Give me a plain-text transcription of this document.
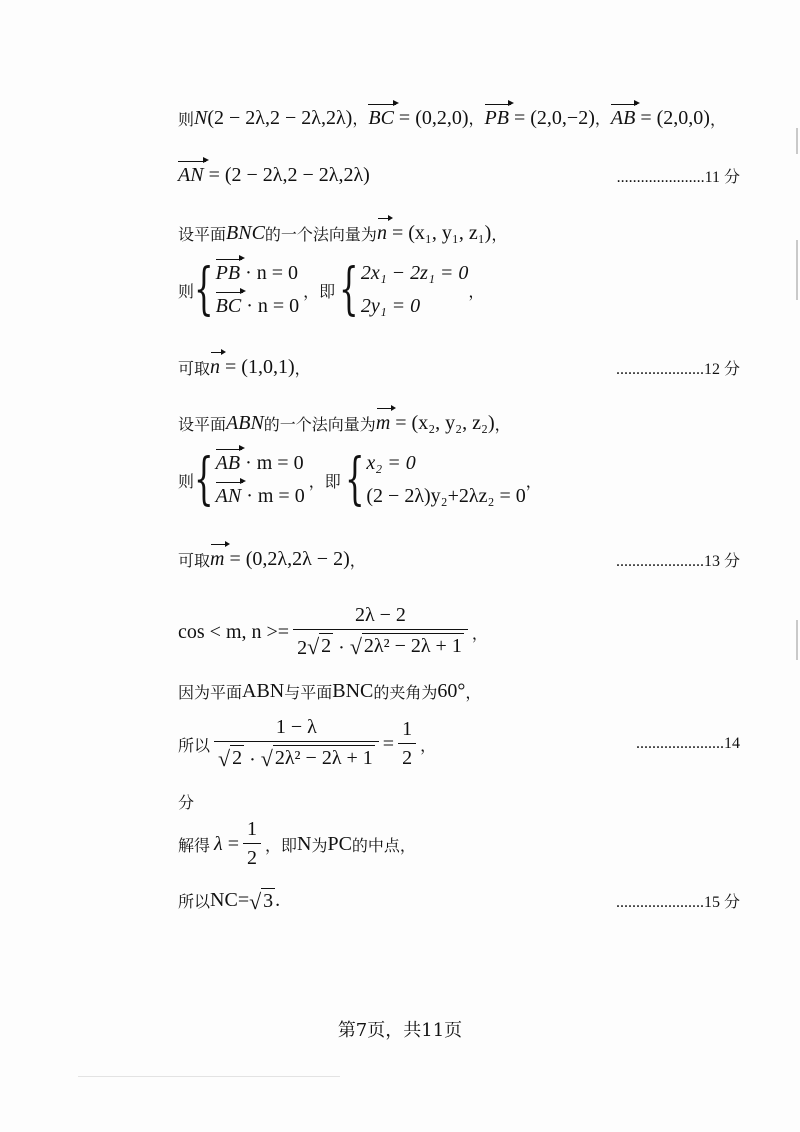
则 N(2 − 2λ,2 − 2λ,2λ)，BC = (0,2,0)，PB = (2,0,−2)，AB = (2,0,0) ，
AN = (2 − 2λ,2 − 2λ,2λ)	......................11 分
设平面 BNC 的一个法向量为 n = (x₁, y₁, z₁) ，
则 { PB · n = 0
BC · n = 0
，即 { 2x₁ − 2z₁ = 0
2y₁ = 0
，
可取 n = (1,0,1) ，	......................12 分
设平面 ABN 的一个法向量为 m = (x₂, y₂, z₂) ，
则 { AB · m = 0
AN · m = 0
，即 { x₂ = 0
(2 − 2λ)y₂+2λz₂ = 0
，
可取 m = (0,2λ,2λ − 2) ，	......................13 分
cos < m, $n >= \frac{2\lambda - 2}{\text{2 √ 2 · √ 2λ² − 2λ + 1}}$ ，
因为平面 ABN 与平面 BNC 的夹角为 60° ，
所以 $\frac{1 - \lambda}{\text{√ 2 · √ 2λ² − 2λ + 1}} = \frac{1}{2}$ ，	......................14
分
解得 $\lambda = \frac{1}{2}$ ，即 N 为 PC 的中点，
所以 NC = √ 3 .	......................15 分
第7页，共11页
